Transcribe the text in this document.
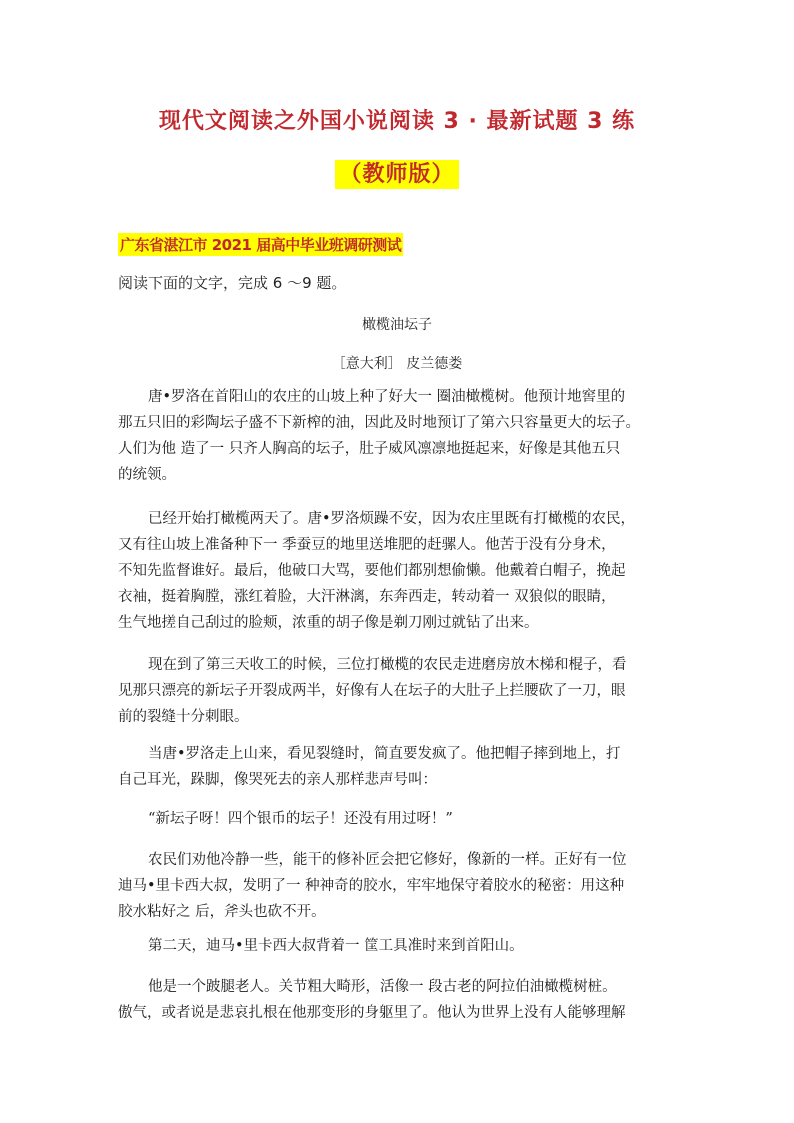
现代文阅读之外国小说阅读 3 · 最新试题 3 练
（教师版）
广东省湛江市 2021 届高中毕业班调研测试
阅读下面的文字，完成 6 ～9 题。
橄榄油坛子
［意大利］ 皮兰德娄
唐•罗洛在首阳山的农庄的山坡上种了好大一 圈油橄榄树。他预计地窖里的
那五只旧的彩陶坛子盛不下新榨的油，因此及时地预订了第六只容量更大的坛子。
人们为他 造了一 只齐人胸高的坛子，肚子威风凛凛地挺起来，好像是其他五只
的统领。
已经开始打橄榄两天了。唐•罗洛烦躁不安，因为农庄里既有打橄榄的农民，
又有往山坡上准备种下一 季蚕豆的地里送堆肥的赶骡人。他苦于没有分身术，
不知先监督谁好。最后，他破口大骂，要他们都别想偷懒。他戴着白帽子，挽起
衣袖，挺着胸膛，涨红着脸，大汗淋漓，东奔西走，转动着一 双狼似的眼睛，
生气地搓自己刮过的脸颊，浓重的胡子像是剃刀刚过就钻了出来。
现在到了第三天收工的时候，三位打橄榄的农民走进磨房放木梯和棍子，看
见那只漂亮的新坛子开裂成两半，好像有人在坛子的大肚子上拦腰砍了一刀，眼
前的裂缝十分刺眼。
当唐•罗洛走上山来，看见裂缝时，简直要发疯了。他把帽子摔到地上，打
自己耳光，跺脚，像哭死去的亲人那样悲声号叫：
“新坛子呀！四个银币的坛子！还没有用过呀！”
农民们劝他冷静一些，能干的修补匠会把它修好，像新的一样。正好有一位
迪马•里卡西大叔，发明了一 种神奇的胶水，牢牢地保守着胶水的秘密：用这种
胶水粘好之 后，斧头也砍不开。
第二天，迪马•里卡西大叔背着一 筐工具准时来到首阳山。
他是一个跛腿老人。关节粗大畸形，活像一 段古老的阿拉伯油橄榄树桩。
傲气，或者说是悲哀扎根在他那变形的身躯里了。他认为世界上没有人能够理解
